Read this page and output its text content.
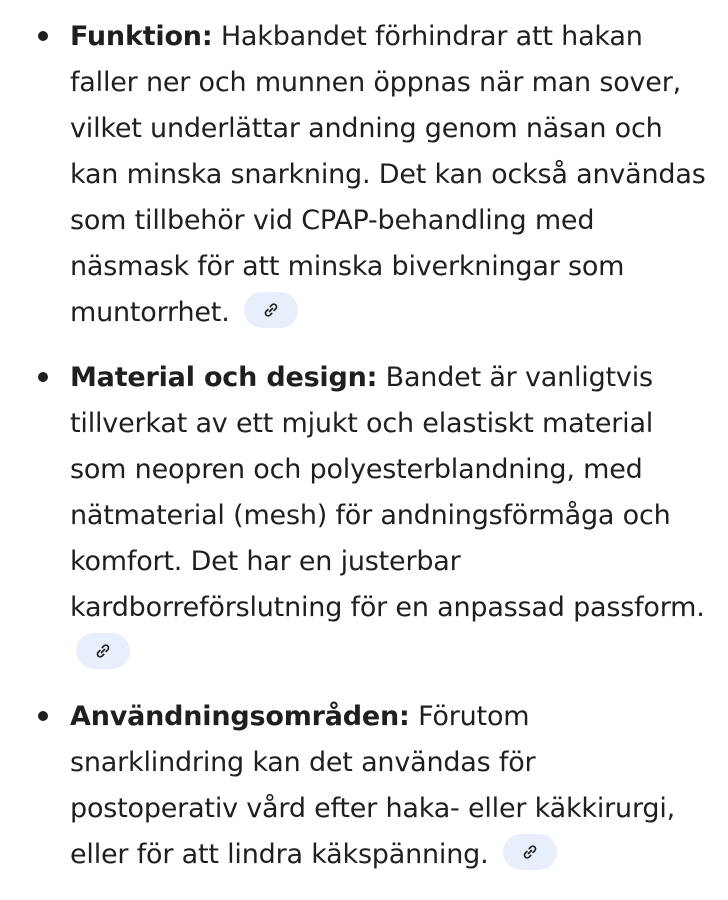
Funktion: Hakbandet förhindrar att hakan faller ner och munnen öppnas när man sover, vilket underlättar andning genom näsan och kan minska snarkning. Det kan också användas som tillbehör vid CPAP-behandling med näsmask för att minska biverkningar som muntorrhet.
Material och design: Bandet är vanligtvis tillverkat av ett mjukt och elastiskt material som neopren och polyesterblandning, med nätmaterial (mesh) för andningsförmåga och komfort. Det har en justerbar kardborreförslutning för en anpassad passform.
Användningsområden: Förutom snarklindring kan det användas för postoperativ vård efter haka- eller käkkirurgi, eller för att lindra käkspänning.
